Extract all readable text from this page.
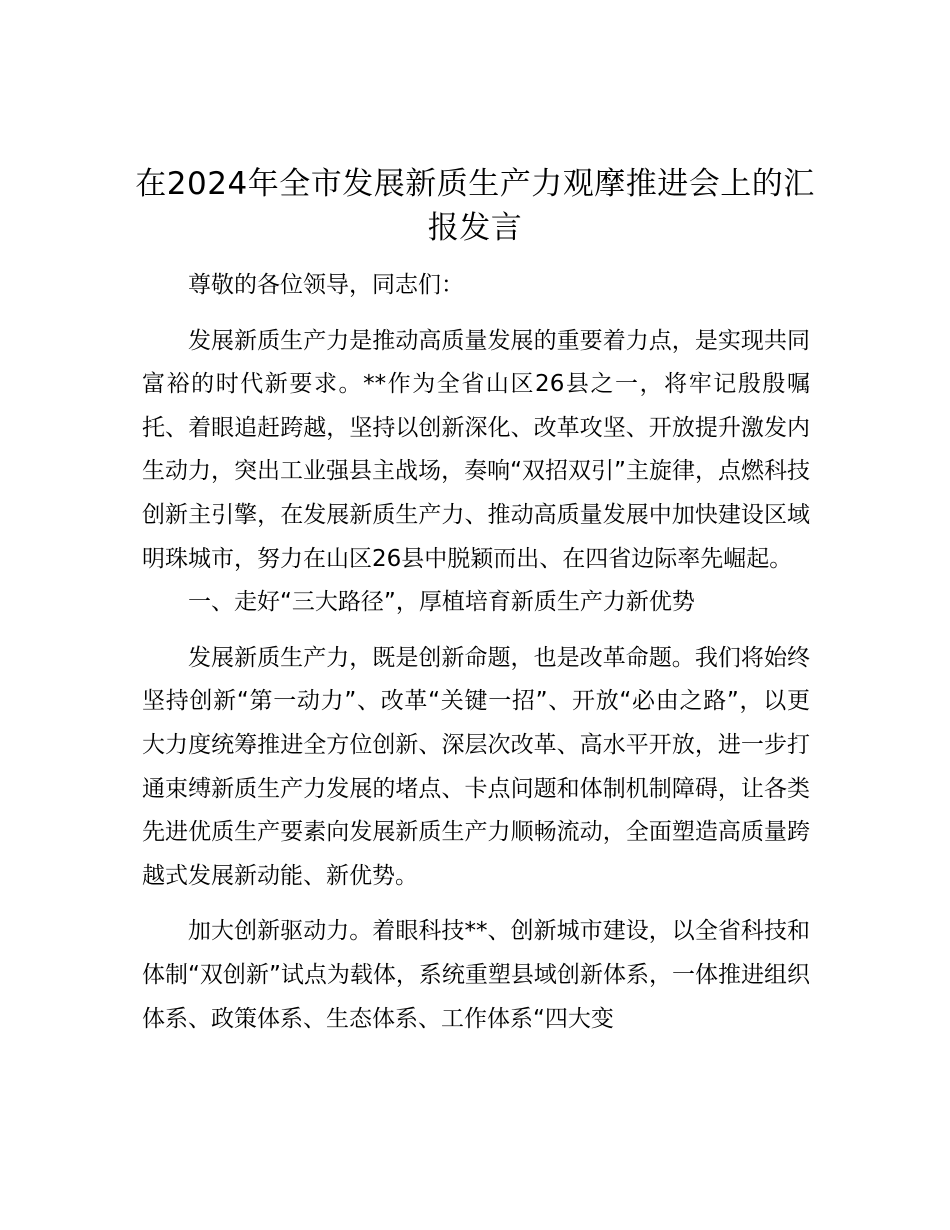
在2024年全市发展新质生产力观摩推进会上的汇报发言

尊敬的各位领导，同志们：

发展新质生产力是推动高质量发展的重要着力点，是实现共同富裕的时代新要求。**作为全省山区26县之一，将牢记殷殷嘱托、着眼追赶跨越，坚持以创新深化、改革攻坚、开放提升激发内生动力，突出工业强县主战场，奏响“双招双引”主旋律，点燃科技创新主引擎，在发展新质生产力、推动高质量发展中加快建设区域明珠城市，努力在山区26县中脱颖而出、在四省边际率先崛起。

一、走好“三大路径”，厚植培育新质生产力新优势

发展新质生产力，既是创新命题，也是改革命题。我们将始终坚持创新“第一动力”、改革“关键一招”、开放“必由之路”，以更大力度统筹推进全方位创新、深层次改革、高水平开放，进一步打通束缚新质生产力发展的堵点、卡点问题和体制机制障碍，让各类先进优质生产要素向发展新质生产力顺畅流动，全面塑造高质量跨越式发展新动能、新优势。

加大创新驱动力。着眼科技**、创新城市建设，以全省科技和体制“双创新”试点为载体，系统重塑县域创新体系，一体推进组织体系、政策体系、生态体系、工作体系“四大变
